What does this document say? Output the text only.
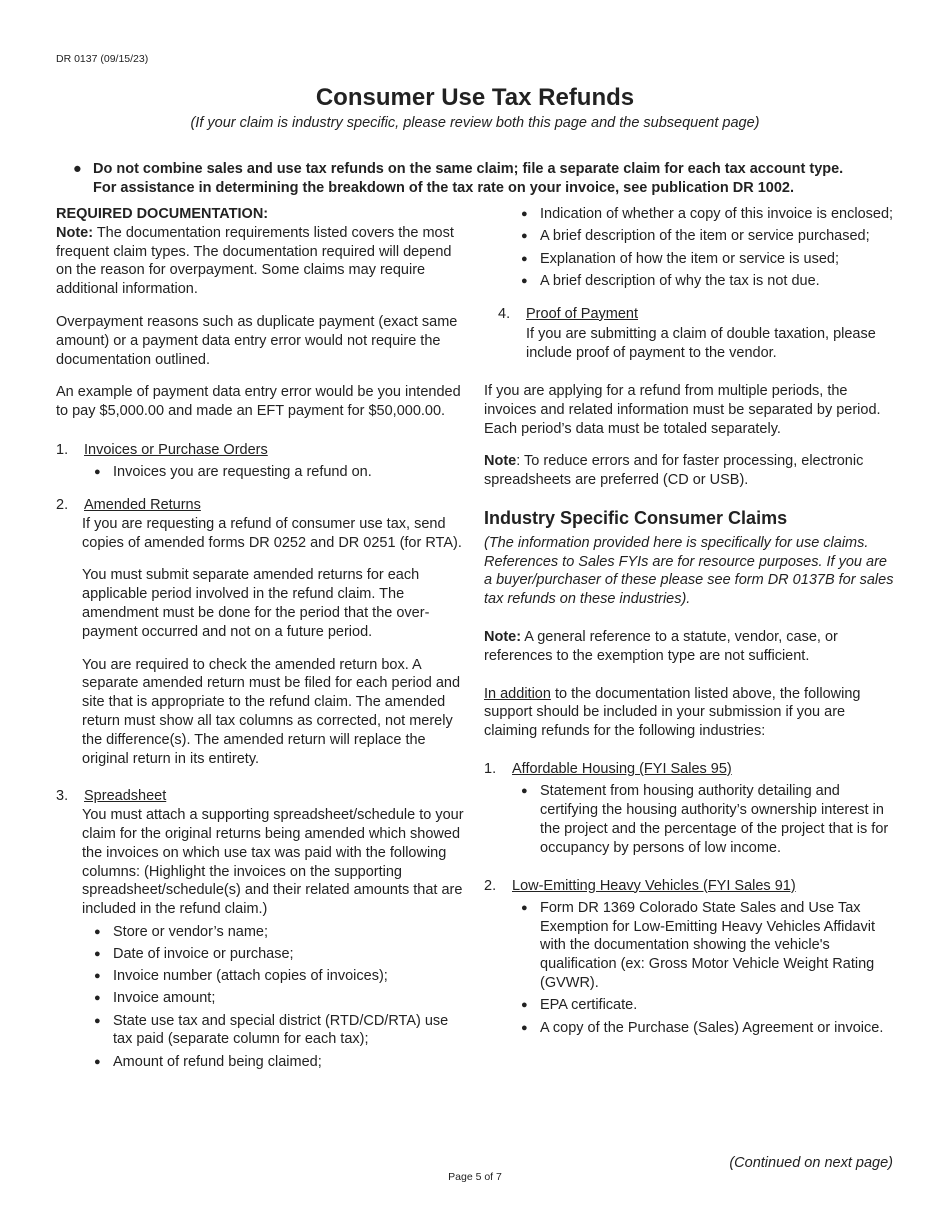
DR 0137 (09/15/23)
Consumer Use Tax Refunds
(If your claim is industry specific, please review both this page and the subsequent page)
● Do not combine sales and use tax refunds on the same claim; file a separate claim for each tax account type.
For assistance in determining the breakdown of the tax rate on your invoice, see publication DR 1002.

REQUIRED DOCUMENTATION:

Note: The documentation requirements listed covers the most frequent claim types. The documentation required will depend on the reason for overpayment. Some claims may require additional information.

Overpayment reasons such as duplicate payment (exact same amount) or a payment data entry error would not require the documentation outlined.

An example of payment data entry error would be you intended to pay $5,000.00 and made an EFT payment for $50,000.00.

1. Invoices or Purchase Orders
● Invoices you are requesting a refund on.
2. Amended Returns

If you are requesting a refund of consumer use tax, send copies of amended forms DR 0252 and DR 0251 (for RTA).

You must submit separate amended returns for each applicable period involved in the refund claim. The amendment must be done for the period that the over-payment occurred and not on a future period.

You are required to check the amended return box. A separate amended return must be filed for each period and site that is appropriate to the refund claim. The amended return must show all tax columns as corrected, not merely the difference(s). The amended return will replace the original return in its entirety.

3. Spreadsheet

You must attach a supporting spreadsheet/schedule to your claim for the original returns being amended which showed the invoices on which use tax was paid with the following columns: (Highlight the invoices on the supporting spreadsheet/schedule(s) and their related amounts that are included in the refund claim.)

● Store or vendor’s name;
● Date of invoice or purchase;
● Invoice number (attach copies of invoices);
● Invoice amount;
● State use tax and special district (RTD/CD/RTA) use tax paid (separate column for each tax);
● Amount of refund being claimed;
● Indication of whether a copy of this invoice is enclosed;
● A brief description of the item or service purchased;
● Explanation of how the item or service is used;
● A brief description of why the tax is not due.
4. Proof of Payment

If you are submitting a claim of double taxation, please include proof of payment to the vendor.

If you are applying for a refund from multiple periods, the invoices and related information must be separated by period. Each period’s data must be totaled separately.

Note: To reduce errors and for faster processing, electronic spreadsheets are preferred (CD or USB).

Industry Specific Consumer Claims

(The information provided here is specifically for use claims. References to Sales FYIs are for resource purposes. If you are a buyer/purchaser of these please see form DR 0137B for sales tax refunds on these industries).

Note: A general reference to a statute, vendor, case, or references to the exemption type are not sufficient.

In addition to the documentation listed above, the following support should be included in your submission if you are claiming refunds for the following industries:

1. Affordable Housing (FYI Sales 95)
● Statement from housing authority detailing and certifying the housing authority’s ownership interest in the project and the percentage of the project that is for occupancy by persons of low income.
2. Low-Emitting Heavy Vehicles (FYI Sales 91)
● Form DR 1369 Colorado State Sales and Use Tax Exemption for Low-Emitting Heavy Vehicles Affidavit with the documentation showing the vehicle's qualification (ex: Gross Motor Vehicle Weight Rating (GVWR).
● EPA certificate.
● A copy of the Purchase (Sales) Agreement or invoice.
(Continued on next page)
Page 5 of 7
